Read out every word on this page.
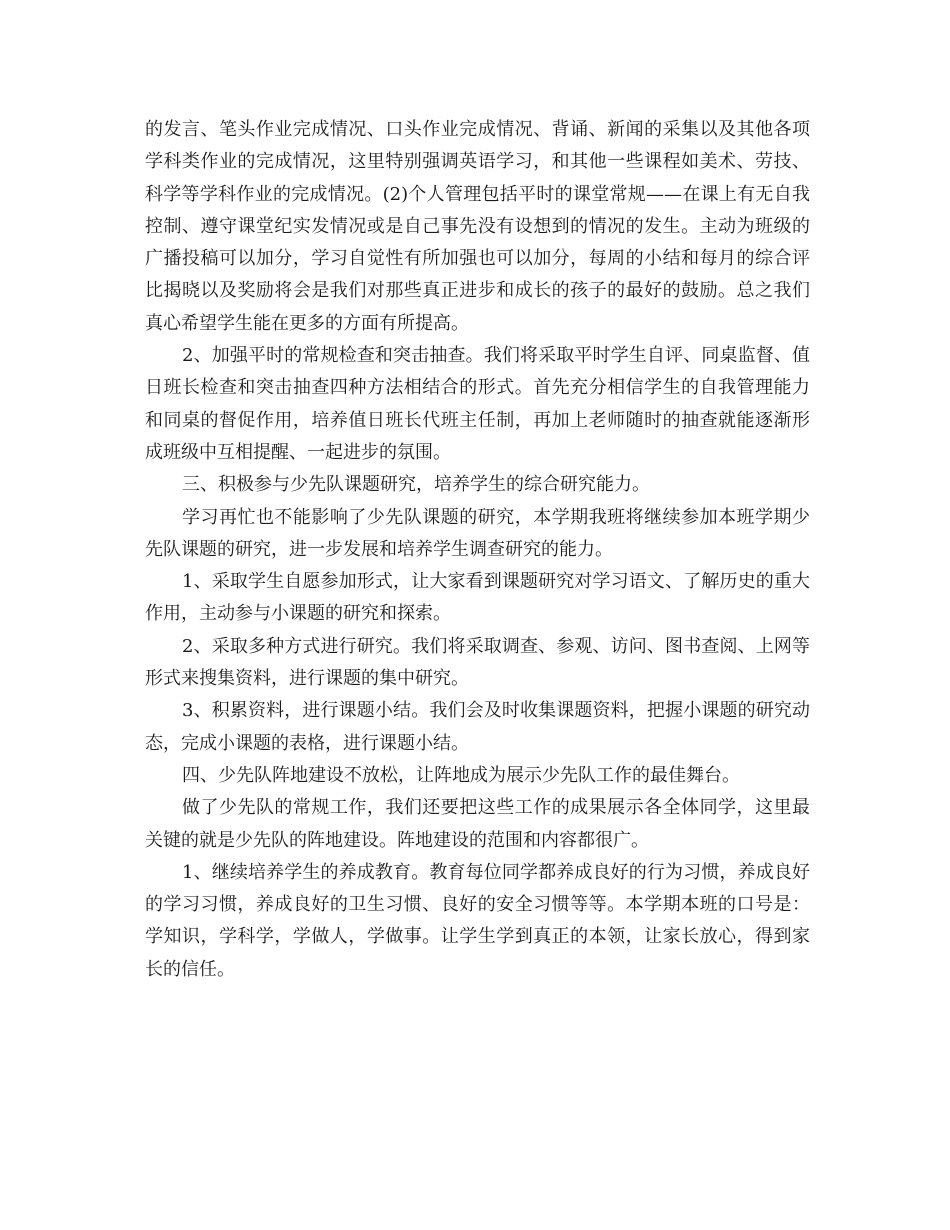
的发言、笔头作业完成情况、口头作业完成情况、背诵、新闻的采集以及其他各项学科类作业的完成情况，这里特别强调英语学习，和其他一些课程如美术、劳技、科学等学科作业的完成情况。(2)个人管理包括平时的课堂常规——在课上有无自我控制、遵守课堂纪实发情况或是自己事先没有设想到的情况的发生。主动为班级的广播投稿可以加分，学习自觉性有所加强也可以加分，每周的小结和每月的综合评比揭晓以及奖励将会是我们对那些真正进步和成长的孩子的最好的鼓励。总之我们真心希望学生能在更多的方面有所提高。

2、加强平时的常规检查和突击抽查。我们将采取平时学生自评、同桌监督、值日班长检查和突击抽查四种方法相结合的形式。首先充分相信学生的自我管理能力和同桌的督促作用，培养值日班长代班主任制，再加上老师随时的抽查就能逐渐形成班级中互相提醒、一起进步的氛围。

三、积极参与少先队课题研究，培养学生的综合研究能力。

学习再忙也不能影响了少先队课题的研究，本学期我班将继续参加本班学期少先队课题的研究，进一步发展和培养学生调查研究的能力。

1、采取学生自愿参加形式，让大家看到课题研究对学习语文、了解历史的重大作用，主动参与小课题的研究和探索。

2、采取多种方式进行研究。我们将采取调查、参观、访问、图书查阅、上网等形式来搜集资料，进行课题的集中研究。

3、积累资料，进行课题小结。我们会及时收集课题资料，把握小课题的研究动态，完成小课题的表格，进行课题小结。

四、少先队阵地建设不放松，让阵地成为展示少先队工作的最佳舞台。

做了少先队的常规工作，我们还要把这些工作的成果展示各全体同学，这里最关键的就是少先队的阵地建设。阵地建设的范围和内容都很广。

1、继续培养学生的养成教育。教育每位同学都养成良好的行为习惯，养成良好的学习习惯，养成良好的卫生习惯、良好的安全习惯等等。本学期本班的口号是：学知识，学科学，学做人，学做事。让学生学到真正的本领，让家长放心，得到家长的信任。
